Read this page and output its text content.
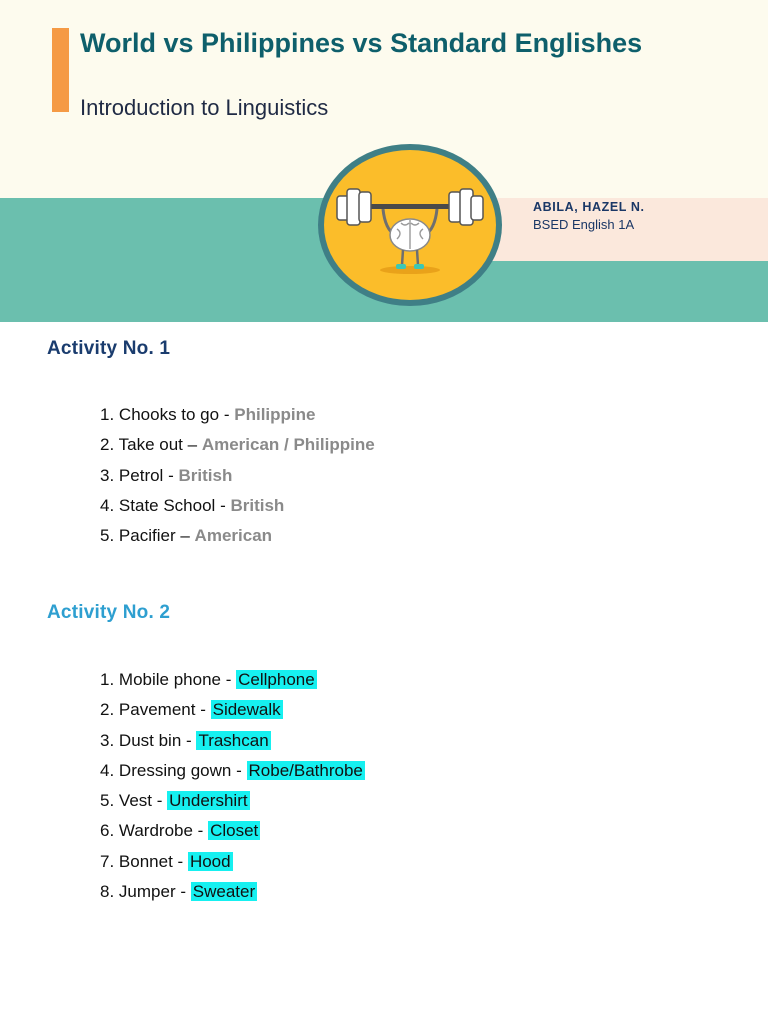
World vs Philippines vs Standard Englishes
Introduction to Linguistics
ABILA, HAZEL N.
BSED English 1A
Activity No. 1
1. Chooks to go - Philippine
2. Take out – American / Philippine
3. Petrol - British
4. State School - British
5. Pacifier – American
Activity No. 2
1. Mobile phone - Cellphone
2. Pavement - Sidewalk
3. Dust bin - Trashcan
4. Dressing gown - Robe/Bathrobe
5. Vest - Undershirt
6. Wardrobe - Closet
7. Bonnet - Hood
8. Jumper - Sweater
